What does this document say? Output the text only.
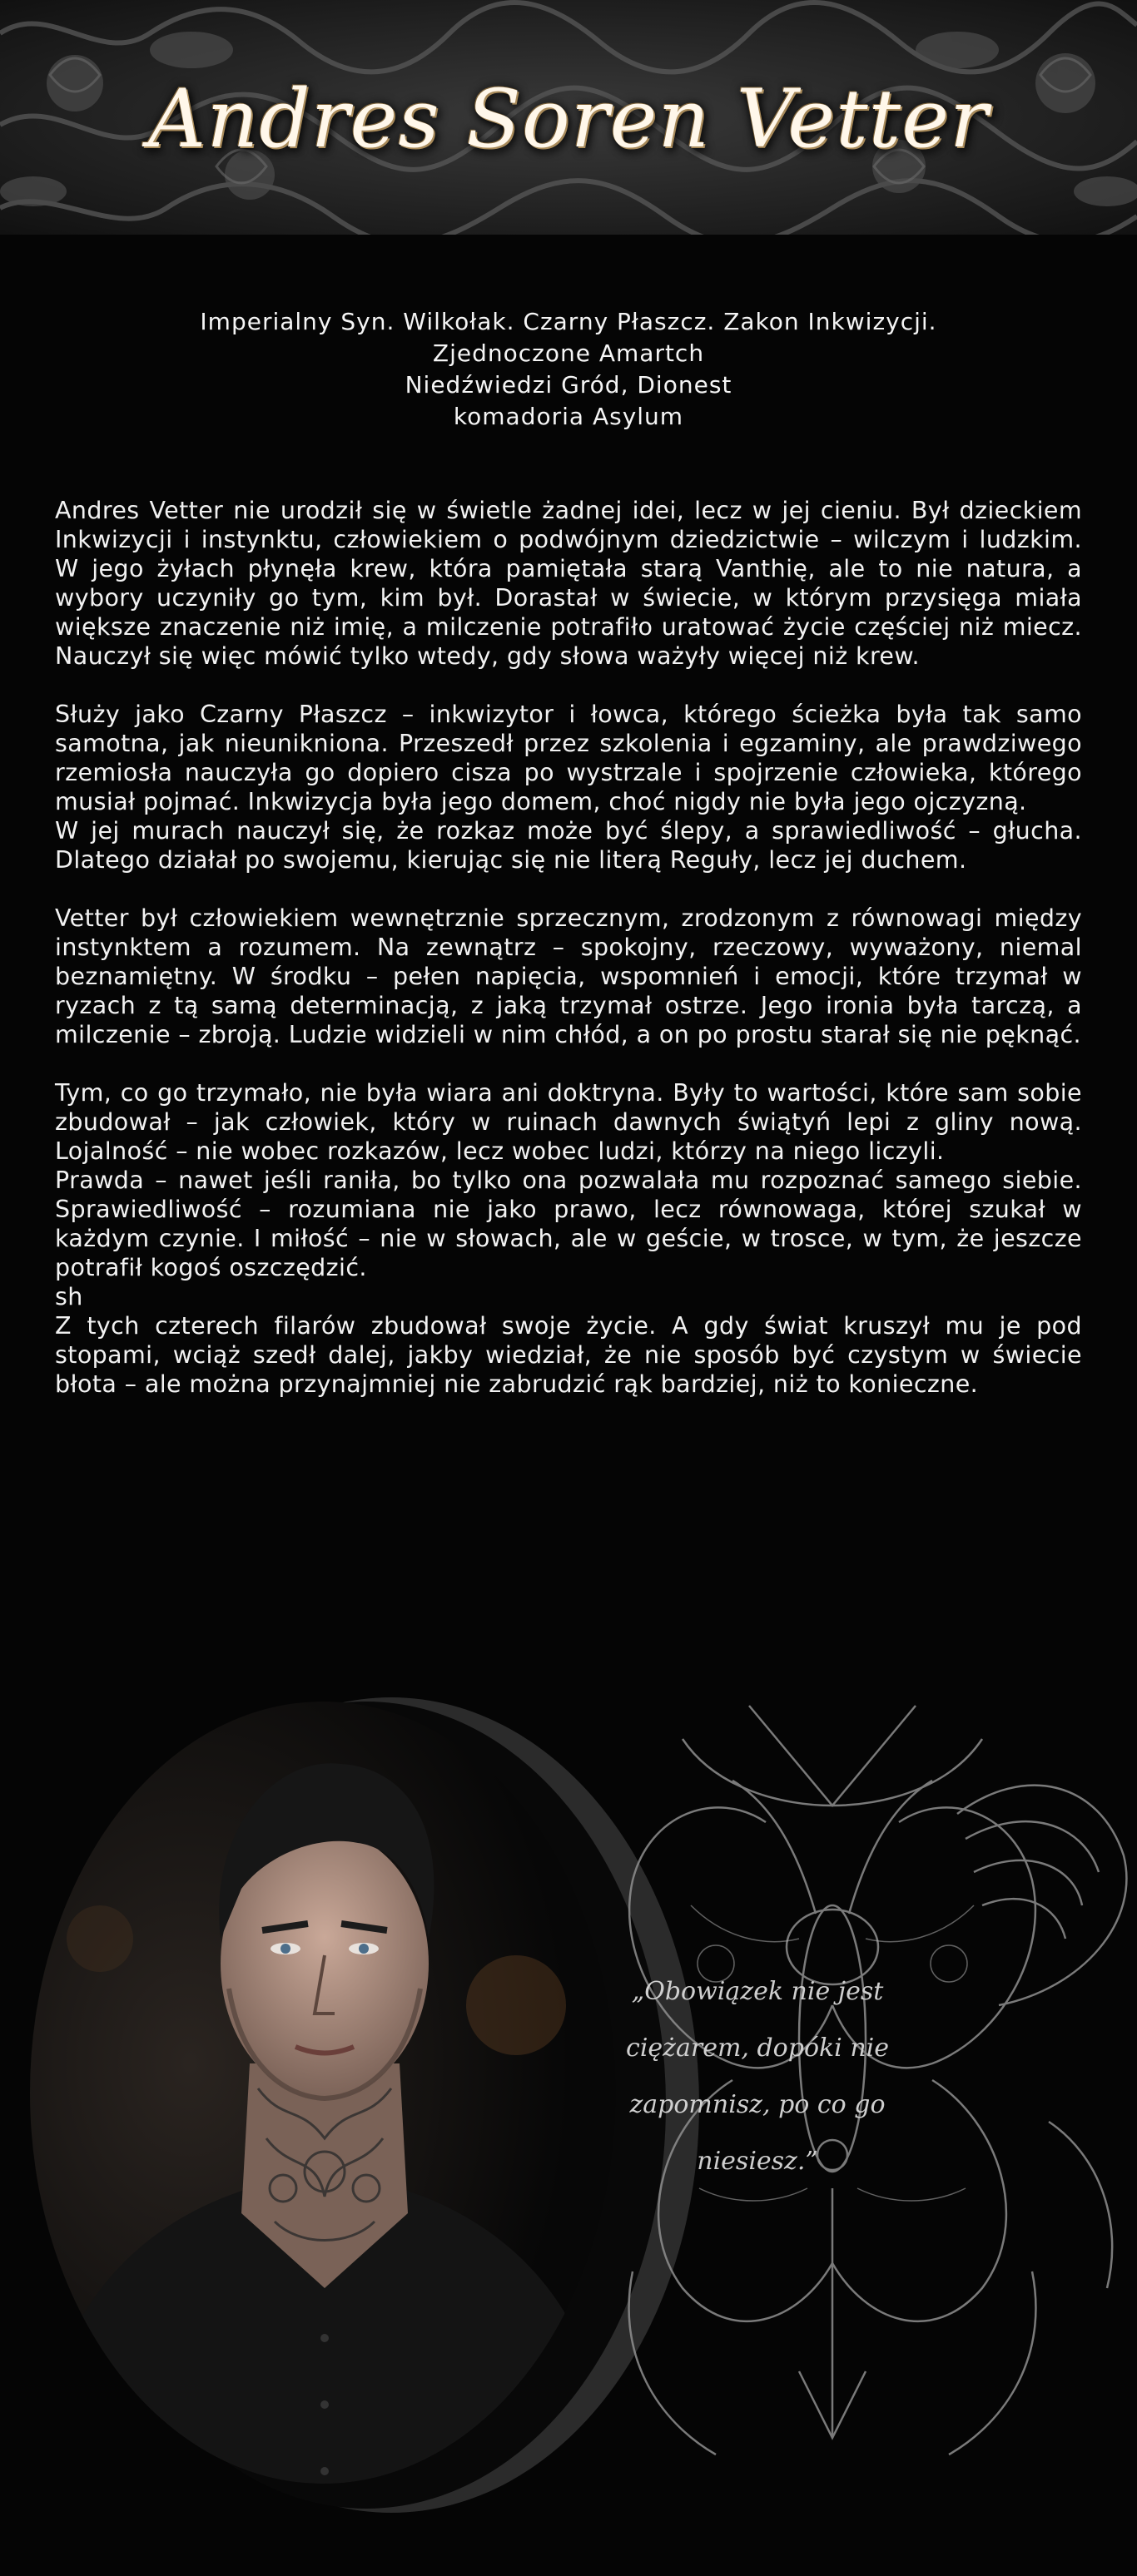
Andres Soren Vetter
Imperialny Syn. Wilkołak. Czarny Płaszcz. Zakon Inkwizycji.
Zjednoczone Amartch
Niedźwiedzi Gród, Dionest
komadoria Asylum

Andres Vetter nie urodził się w świetle żadnej idei, lecz w jej cieniu. Był dzieckiem Inkwizycji i instynktu, człowiekiem o podwójnym dziedzictwie – wilczym i ludzkim. W jego żyłach płynęła krew, która pamiętała starą Vanthię, ale to nie natura, a wybory uczyniły go tym, kim był. Dorastał w świecie, w którym przysięga miała większe znaczenie niż imię, a milczenie potrafiło uratować życie częściej niż miecz. Nauczył się więc mówić tylko wtedy, gdy słowa ważyły więcej niż krew.

Służy jako Czarny Płaszcz – inkwizytor i łowca, którego ścieżka była tak samo samotna, jak nieunikniona. Przeszedł przez szkolenia i egzaminy, ale prawdziwego rzemiosła nauczyła go dopiero cisza po wystrzale i spojrzenie człowieka, którego musiał pojmać. Inkwizycja była jego domem, choć nigdy nie była jego ojczyzną.

W jej murach nauczył się, że rozkaz może być ślepy, a sprawiedliwość – głucha. Dlatego działał po swojemu, kierując się nie literą Reguły, lecz jej duchem.

Vetter był człowiekiem wewnętrznie sprzecznym, zrodzonym z równowagi między instynktem a rozumem. Na zewnątrz – spokojny, rzeczowy, wyważony, niemal beznamiętny. W środku – pełen napięcia, wspomnień i emocji, które trzymał w ryzach z tą samą determinacją, z jaką trzymał ostrze. Jego ironia była tarczą, a milczenie – zbroją. Ludzie widzieli w nim chłód, a on po prostu starał się nie pęknąć.

Tym, co go trzymało, nie była wiara ani doktryna. Były to wartości, które sam sobie zbudował – jak człowiek, który w ruinach dawnych świątyń lepi z gliny nową. Lojalność – nie wobec rozkazów, lecz wobec ludzi, którzy na niego liczyli.

Prawda – nawet jeśli raniła, bo tylko ona pozwalała mu rozpoznać samego siebie. Sprawiedliwość – rozumiana nie jako prawo, lecz równowaga, której szukał w każdym czynie. I miłość – nie w słowach, ale w geście, w trosce, w tym, że jeszcze potrafił kogoś oszczędzić.

sh

Z tych czterech filarów zbudował swoje życie. A gdy świat kruszył mu je pod stopami, wciąż szedł dalej, jakby wiedział, że nie sposób być czystym w świecie błota – ale można przynajmniej nie zabrudzić rąk bardziej, niż to konieczne.

„Obowiązek nie jest
ciężarem, dopóki nie
zapomnisz, po co go
niesiesz.”
